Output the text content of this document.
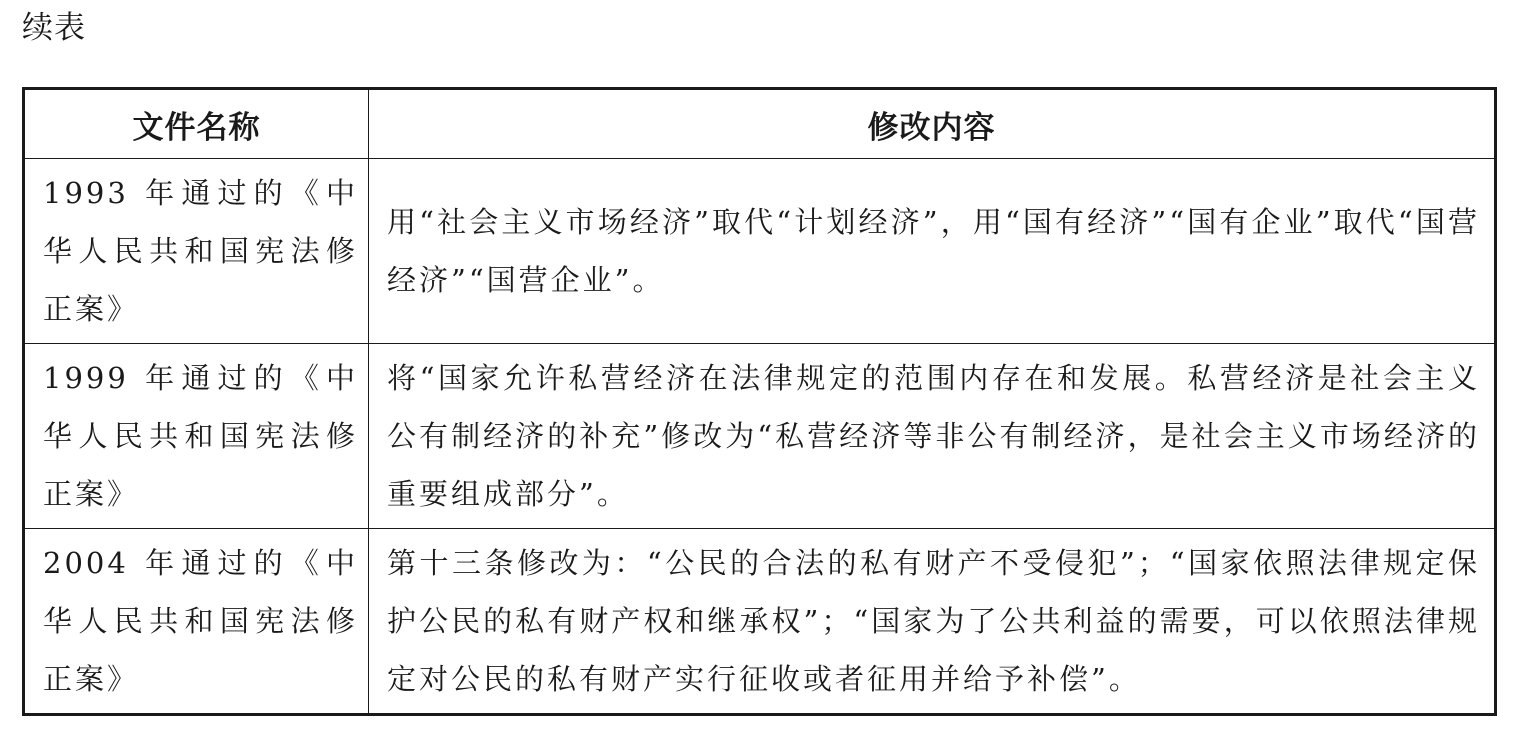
续表
文件名称	修改内容
1993 年通过的《中华人民共和国宪法修正案》	用“社会主义市场经济”取代“计划经济”，用“国有经济”“国有企业”取代“国营经济”“国营企业”。
1999 年通过的《中华人民共和国宪法修正案》	将“国家允许私营经济在法律规定的范围内存在和发展。私营经济是社会主义公有制经济的补充”修改为“私营经济等非公有制经济，是社会主义市场经济的重要组成部分”。
2004 年通过的《中华人民共和国宪法修正案》	第十三条修改为：“公民的合法的私有财产不受侵犯”；“国家依照法律规定保护公民的私有财产权和继承权”；“国家为了公共利益的需要，可以依照法律规定对公民的私有财产实行征收或者征用并给予补偿”。
